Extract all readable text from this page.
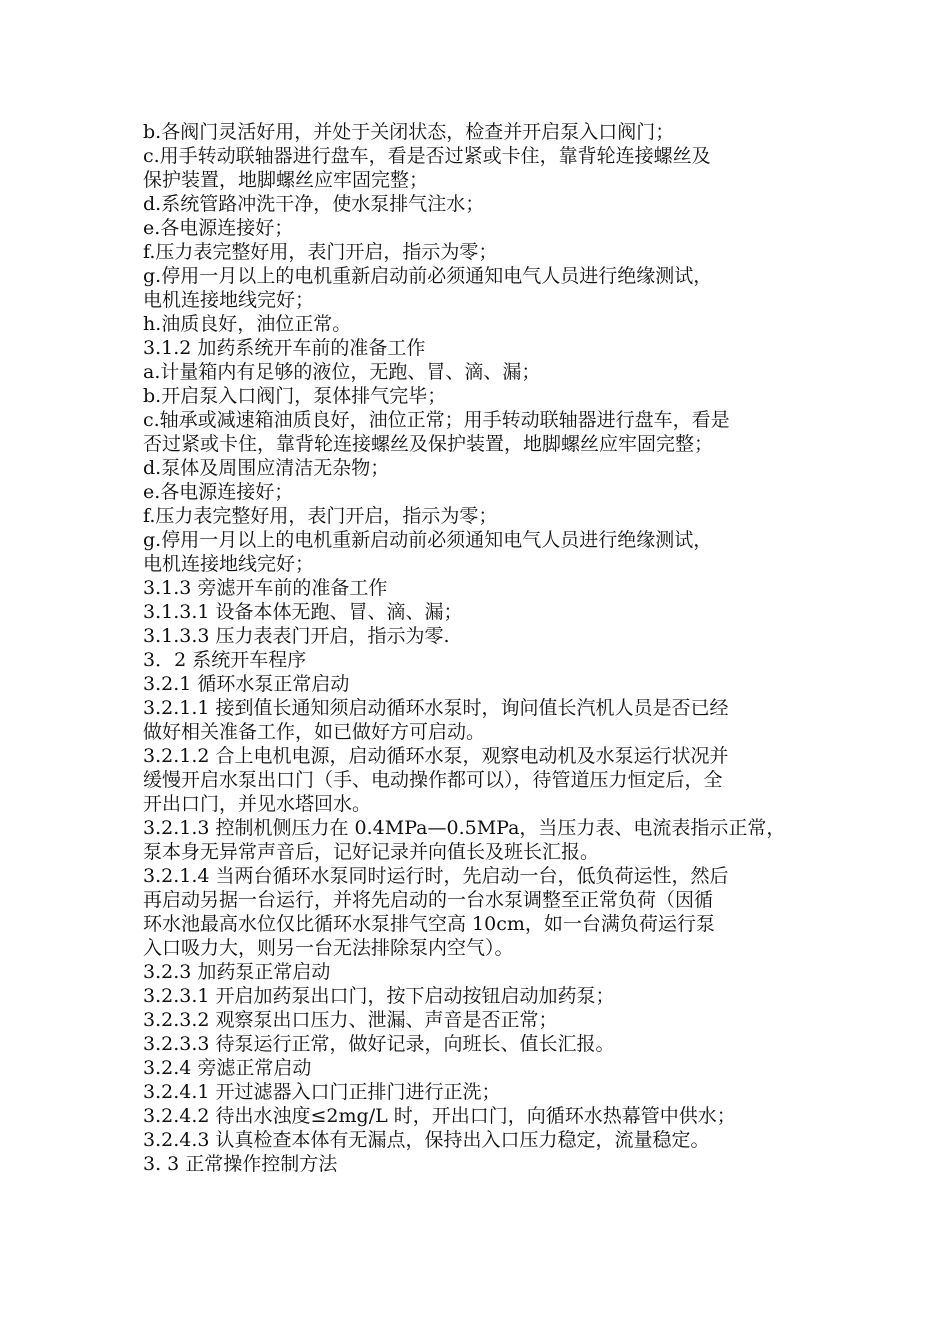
b.各阀门灵活好用，并处于关闭状态，检查并开启泵入口阀门；
c.用手转动联轴器进行盘车，看是否过紧或卡住，靠背轮连接螺丝及
保护装置，地脚螺丝应牢固完整；
d.系统管路冲洗干净，使水泵排气注水；
e.各电源连接好；
f.压力表完整好用，表门开启，指示为零；
g.停用一月以上的电机重新启动前必须通知电气人员进行绝缘测试，
电机连接地线完好；
h.油质良好，油位正常。
3.1.2 加药系统开车前的准备工作
a.计量箱内有足够的液位，无跑、冒、滴、漏；
b.开启泵入口阀门，泵体排气完毕；
c.轴承或减速箱油质良好，油位正常；用手转动联轴器进行盘车，看是
否过紧或卡住，靠背轮连接螺丝及保护装置，地脚螺丝应牢固完整；
d.泵体及周围应清洁无杂物；
e.各电源连接好；
f.压力表完整好用，表门开启，指示为零；
g.停用一月以上的电机重新启动前必须通知电气人员进行绝缘测试，
电机连接地线完好；
3.1.3 旁滤开车前的准备工作
3.1.3.1 设备本体无跑、冒、滴、漏；
3.1.3.3 压力表表门开启，指示为零.
3．2 系统开车程序
3.2.1 循环水泵正常启动
3.2.1.1 接到值长通知须启动循环水泵时，询问值长汽机人员是否已经
做好相关准备工作，如已做好方可启动。
3.2.1.2 合上电机电源，启动循环水泵，观察电动机及水泵运行状况并
缓慢开启水泵出口门（手、电动操作都可以），待管道压力恒定后，全
开出口门，并见水塔回水。
3.2.1.3 控制机侧压力在 0.4MPa—0.5MPa，当压力表、电流表指示正常，
泵本身无异常声音后，记好记录并向值长及班长汇报。
3.2.1.4 当两台循环水泵同时运行时，先启动一台，低负荷运性，然后
再启动另据一台运行，并将先启动的一台水泵调整至正常负荷（因循
环水池最高水位仅比循环水泵排气空高 10cm，如一台满负荷运行泵
入口吸力大，则另一台无法排除泵内空气）。
3.2.3 加药泵正常启动
3.2.3.1 开启加药泵出口门，按下启动按钮启动加药泵；
3.2.3.2 观察泵出口压力、泄漏、声音是否正常；
3.2.3.3 待泵运行正常，做好记录，向班长、值长汇报。
3.2.4 旁滤正常启动
3.2.4.1 开过滤器入口门正排门进行正洗；
3.2.4.2 待出水浊度≤2mg/L 时，开出口门，向循环水热幕管中供水；
3.2.4.3 认真检查本体有无漏点，保持出入口压力稳定，流量稳定。
3. 3 正常操作控制方法
